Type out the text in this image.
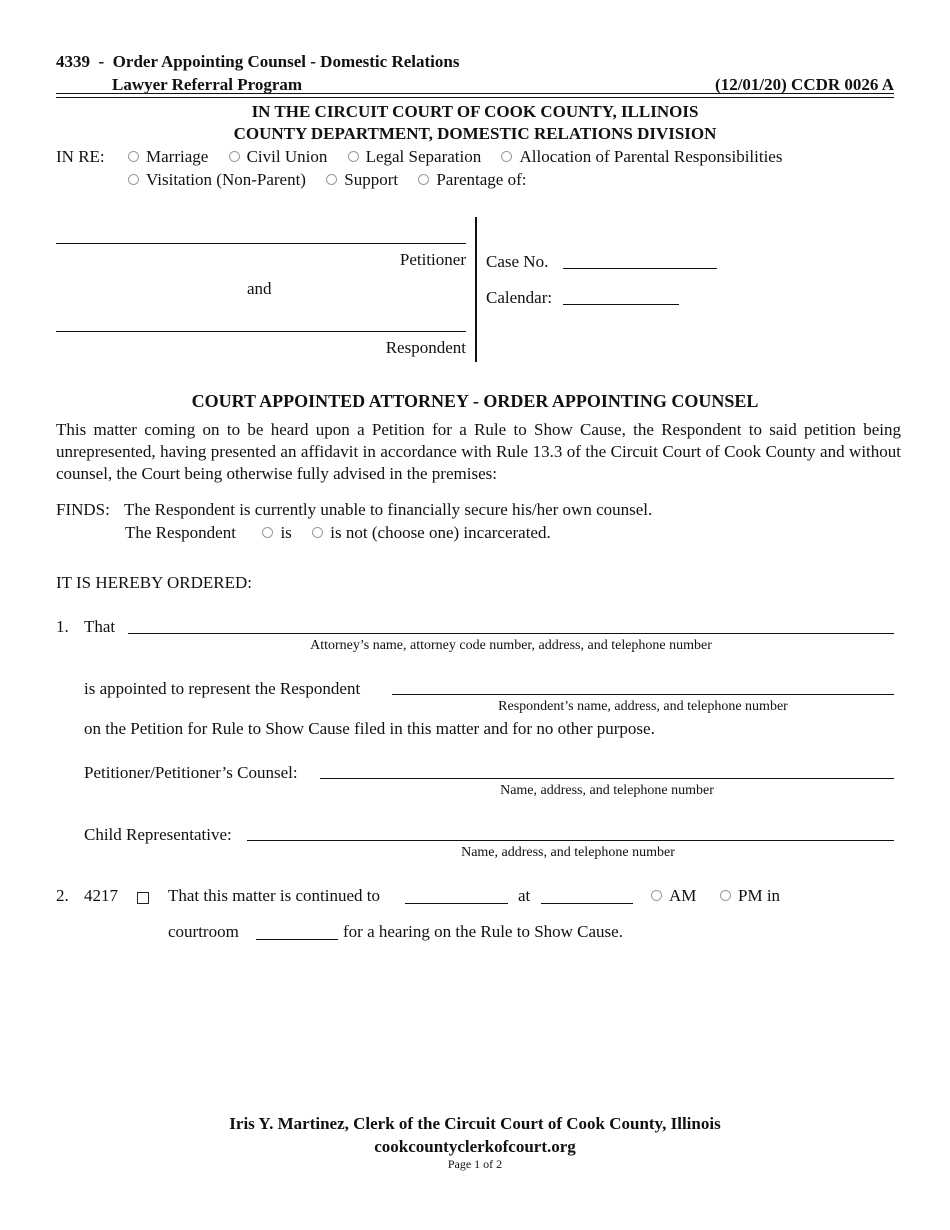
4339  -  Order Appointing Counsel - Domestic Relations
Lawyer Referral Program	(12/01/20) CCDR 0026 A
IN THE CIRCUIT COURT OF COOK COUNTY, ILLINOIS
COUNTY DEPARTMENT, DOMESTIC RELATIONS DIVISION
IN RE:	Marriage Civil Union Legal Separation Allocation of Parental Responsibilities
Visitation (Non-Parent) Support Parentage of:
Petitioner
and
Respondent
Case No.
Calendar:
COURT APPOINTED ATTORNEY - ORDER APPOINTING COUNSEL
This matter coming on to be heard upon a Petition for a Rule to Show Cause, the Respondent to said petition being unrepresented, having presented an affidavit in accordance with Rule 13.3 of the Circuit Court of Cook County and without counsel, the Court being otherwise fully advised in the premises:
FINDS: The Respondent is currently unable to financially secure his/her own counsel.
The Respondent	is is not (choose one) incarcerated.
IT IS HEREBY ORDERED:
1. That
Attorney’s name, attorney code number, address, and telephone number
is appointed to represent the Respondent
Respondent’s name, address, and telephone number
on the Petition for Rule to Show Cause filed in this matter and for no other purpose.
Petitioner/Petitioner’s Counsel:
Name, address, and telephone number
Child Representative:
Name, address, and telephone number
2. 4217	That this matter is continued to	at	AM	PM in
courtroom	for a hearing on the Rule to Show Cause.
Iris Y. Martinez, Clerk of the Circuit Court of Cook County, Illinois
cookcountyclerkofcourt.org
Page 1 of 2
